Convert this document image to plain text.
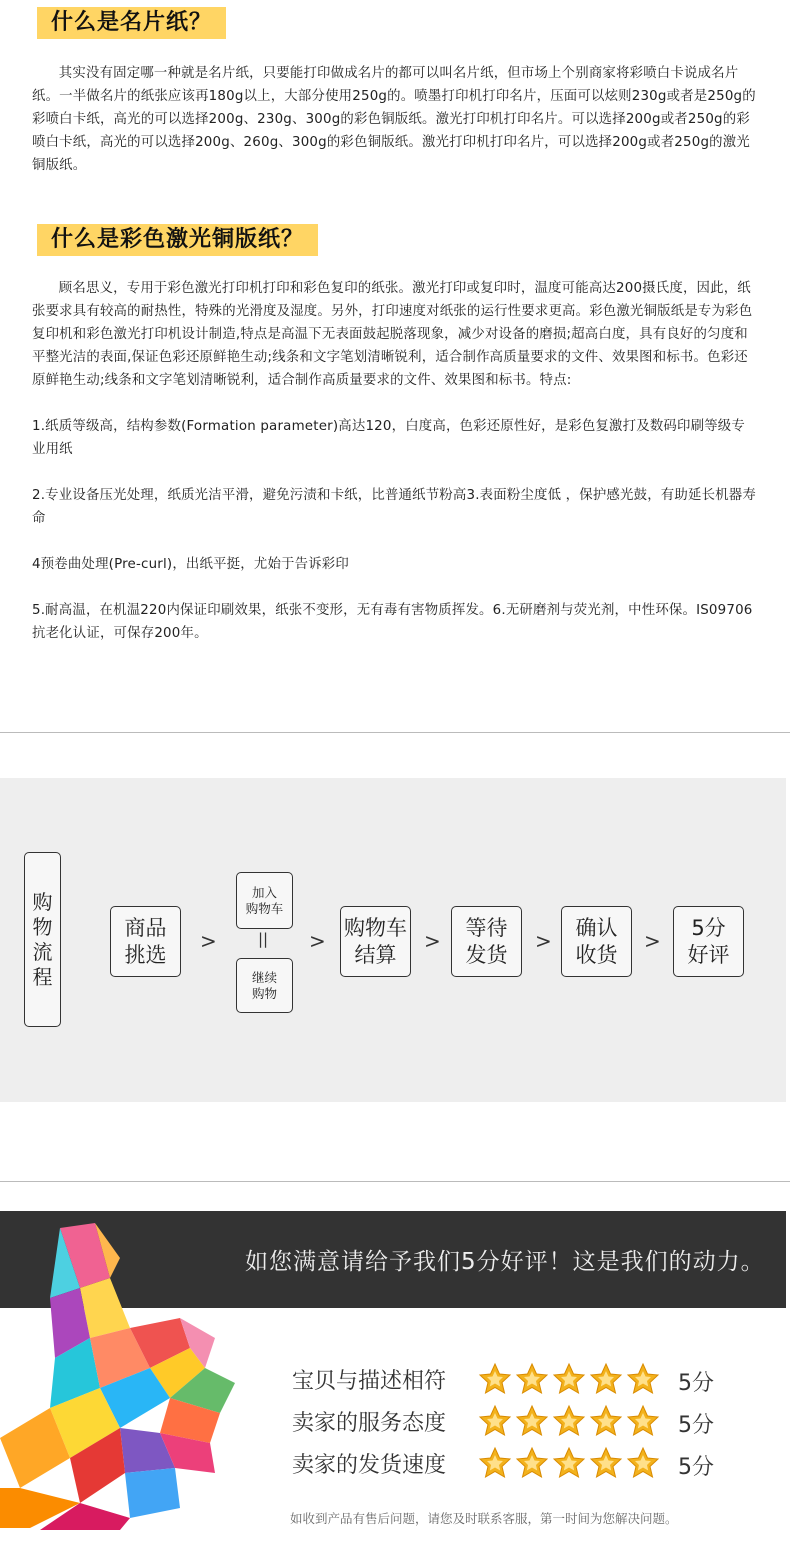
什么是名片纸？

其实没有固定哪一种就是名片纸，只要能打印做成名片的都可以叫名片纸，但市场上个别商家将彩喷白卡说成名片纸。一半做名片的纸张应该再180g以上，大部分使用250g的。喷墨打印机打印名片，压面可以炫则230g或者是250g的彩喷白卡纸，高光的可以选择200g、230g、300g的彩色铜版纸。激光打印机打印名片。可以选择200g或者250g的彩喷白卡纸，高光的可以选择200g、260g、300g的彩色铜版纸。激光打印机打印名片，可以选择200g或者250g的激光铜版纸。

什么是彩色激光铜版纸？

顾名思义，专用于彩色激光打印机打印和彩色复印的纸张。激光打印或复印时，温度可能高达200摄氏度，因此，纸张要求具有较高的耐热性，特殊的光滑度及湿度。另外，打印速度对纸张的运行性要求更高。彩色激光铜版纸是专为彩色复印机和彩色激光打印机设计制造,特点是高温下无表面鼓起脱落现象，减少对设备的磨损;超高白度，具有良好的匀度和平整光洁的表面,保证色彩还原鲜艳生动;线条和文字笔划清晰锐利，适合制作高质量要求的文件、效果图和标书。色彩还原鲜艳生动;线条和文字笔划清晰锐利，适合制作高质量要求的文件、效果图和标书。特点:

1.纸质等级高，结构参数(Formation parameter)高达120，白度高，色彩还原性好，是彩色复激打及数码印刷等级专业用纸

2.专业设备压光处理，纸质光洁平滑，避免污渍和卡纸，比普通纸节粉高3.表面粉尘度低 ，保护感光鼓，有助延长机器寿命

4预卷曲处理(Pre-curl)，出纸平挺，尤始于告诉彩印

5.耐高温，在机温220内保证印刷效果，纸张不变形，无有毒有害物质挥发。6.无研磨剂与荧光剂，中性环保。IS09706抗老化认证，可保存200年。

购物
流程
商品
挑选
>
加入
购物车
||
继续
购物
>
购物车
结算
>
等待
发货
>
确认
收货
>
5分
好评
如您满意请给予我们5分好评！这是我们的动力。
宝贝与描述相符	5分
卖家的服务态度	5分
卖家的发货速度	5分
如收到产品有售后问题，请您及时联系客服，第一时间为您解决问题。
